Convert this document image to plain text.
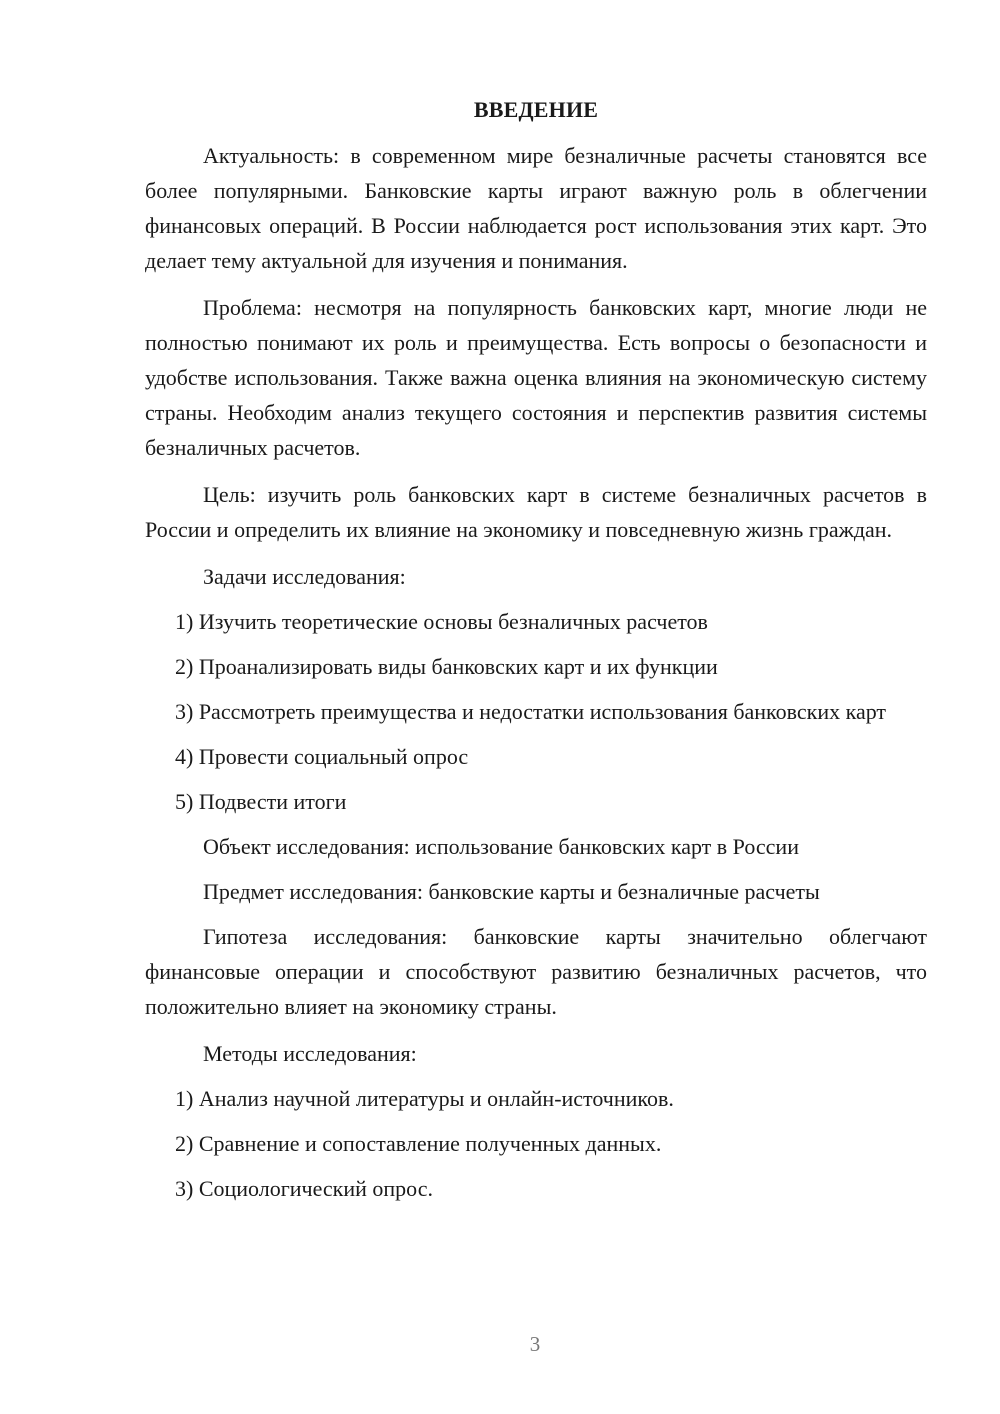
ВВЕДЕНИЕ

Актуальность: в современном мире безналичные расчеты становятся все более популярными. Банковские карты играют важную роль в облегчении финансовых операций. В России наблюдается рост использования этих карт. Это делает тему актуальной для изучения и понимания.

Проблема: несмотря на популярность банковских карт, многие люди не полностью понимают их роль и преимущества. Есть вопросы о безопасности и удобстве использования. Также важна оценка влияния на экономическую систему страны. Необходим анализ текущего состояния и перспектив развития системы безналичных расчетов.

Цель: изучить роль банковских карт в системе безналичных расчетов в России и определить их влияние на экономику и повседневную жизнь граждан.

Задачи исследования:
1) Изучить теоретические основы безналичных расчетов
2) Проанализировать виды банковских карт и их функции
3) Рассмотреть преимущества и недостатки использования банковских карт
4) Провести социальный опрос
5) Подвести итоги
Объект исследования: использование банковских карт в России
Предмет исследования: банковские карты и безналичные расчеты

Гипотеза исследования: банковские карты значительно облегчают финансовые операции и способствуют развитию безналичных расчетов, что положительно влияет на экономику страны.

Методы исследования:
1) Анализ научной литературы и онлайн-источников.
2) Сравнение и сопоставление полученных данных.
3) Социологический опрос.
3
